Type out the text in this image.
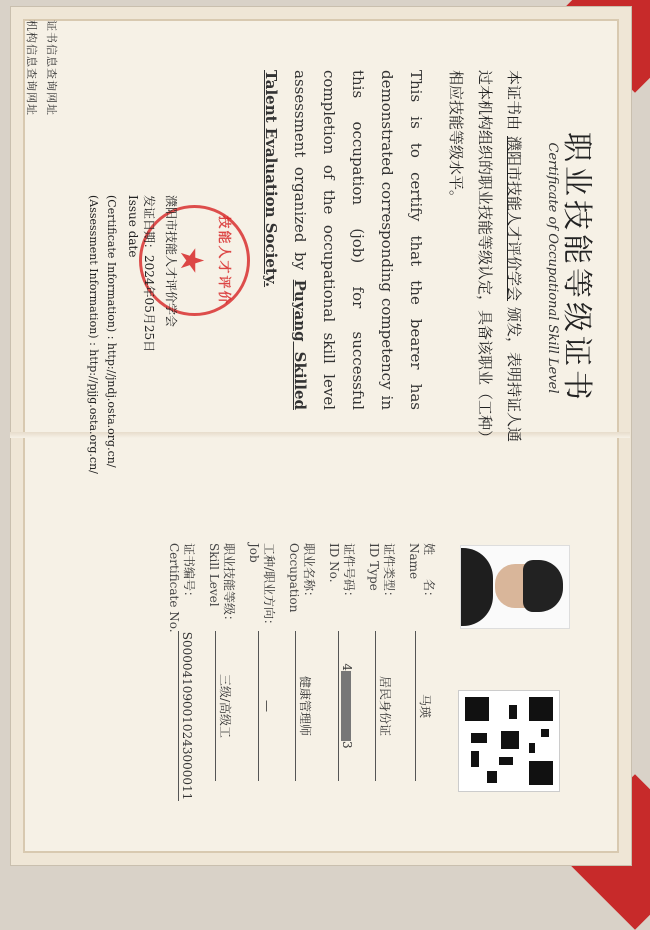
职业技能等级证书
Certificate of Occupational Skill Level
本证书由濮阳市技能人才评价学会颁发，表明持证人通过本机构组织的职业技能等级认定，具备该职业（工种）相应技能等级水平。
This is to certify that the bearer has demonstrated corresponding competency in this occupation (job) for successful completion of the occupational skill level assessment organized by Puyang Skilled Talent Evaluation Society.
技能人才评价
★
濮阳市技能人才评价学会
发证日期：2024年05月25日
Issue date
(Certificate Information) : http://jndj.osta.org.cn/
(Assessment Information) : http://pjjg.osta.org.cn/
证书信息查询网址
机构信息查询网址
姓　　名：
Name
马瑛
证件类型：
ID Type
居民身份证
证件号码：
ID No.
43
职业名称：
Occupation
健康管理师
工种/职业方向：
Job
—
职业技能等级：
Skill Level
三级/高级工
证书编号：
Certificate No.
S000041090010243000011
